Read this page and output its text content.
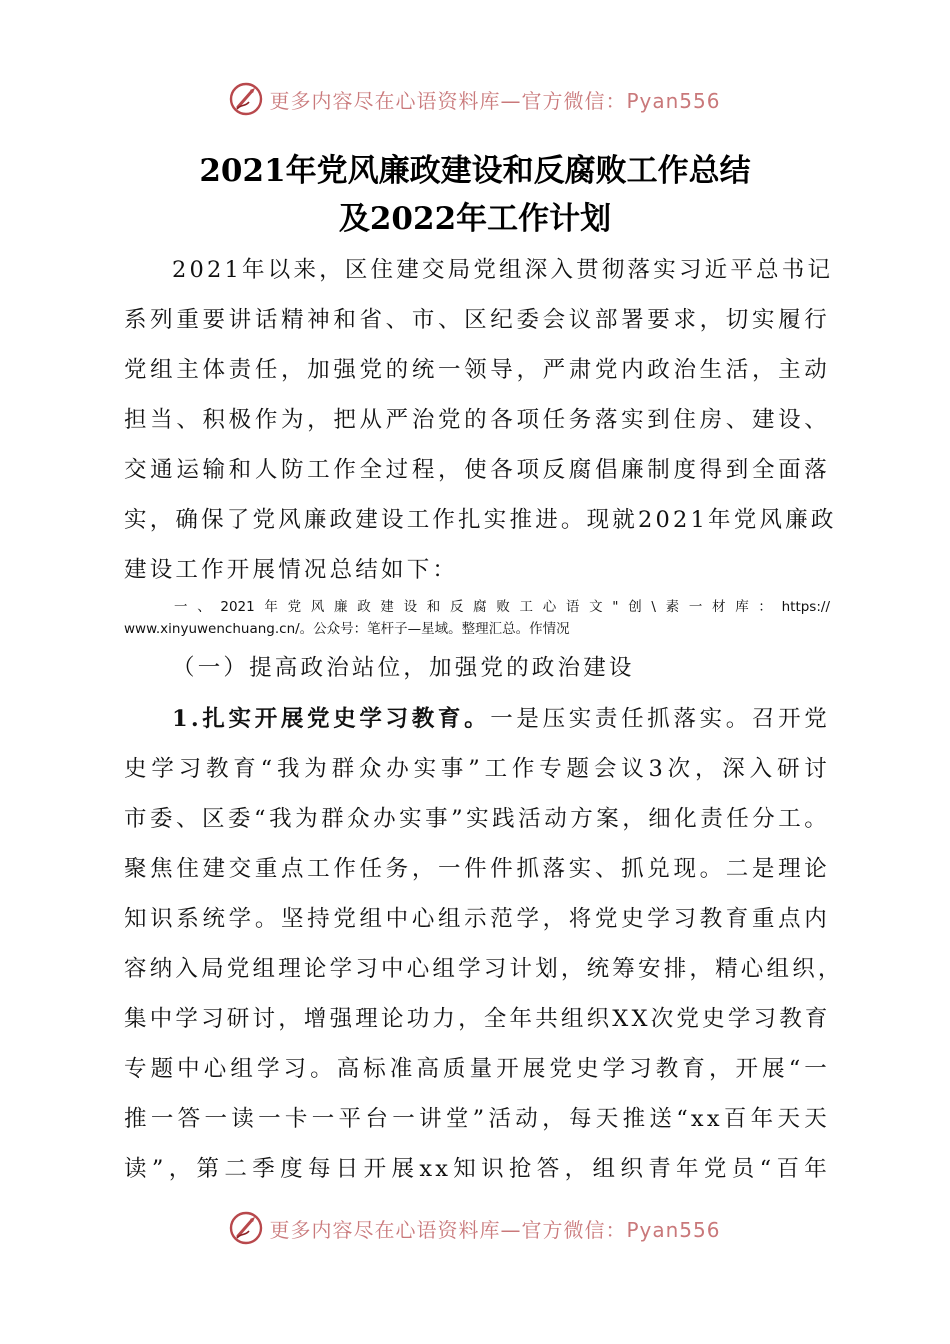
更多内容尽在心语资料库—官方微信：Pyan556
2021年党风廉政建设和反腐败工作总结
及2022年工作计划
2021年以来，区住建交局党组深入贯彻落实习近平总书记
系列重要讲话精神和省、市、区纪委会议部署要求，切实履行
党组主体责任，加强党的统一领导，严肃党内政治生活，主动
担当、积极作为，把从严治党的各项任务落实到住房、建设、
交通运输和人防工作全过程，使各项反腐倡廉制度得到全面落
实，确保了党风廉政建设工作扎实推进。现就2021年党风廉政
建设工作开展情况总结如下：
一、2021年党风廉政建设和反腐败工心语文"创\素一材库：https://
www.xinyuwenchuang.cn/。公众号：笔杆子—星域。整理汇总。作情况
（一）提高政治站位，加强党的政治建设
1.扎实开展党史学习教育。一是压实责任抓落实。召开党
史学习教育“我为群众办实事”工作专题会议3次，深入研讨
市委、区委“我为群众办实事”实践活动方案，细化责任分工。
聚焦住建交重点工作任务，一件件抓落实、抓兑现。二是理论
知识系统学。坚持党组中心组示范学，将党史学习教育重点内
容纳入局党组理论学习中心组学习计划，统筹安排，精心组织，
集中学习研讨，增强理论功力，全年共组织XX次党史学习教育
专题中心组学习。高标准高质量开展党史学习教育，开展“一
推一答一读一卡一平台一讲堂”活动，每天推送“xx百年天天
读”，第二季度每日开展xx知识抢答，组织青年党员“百年
更多内容尽在心语资料库—官方微信：Pyan556
